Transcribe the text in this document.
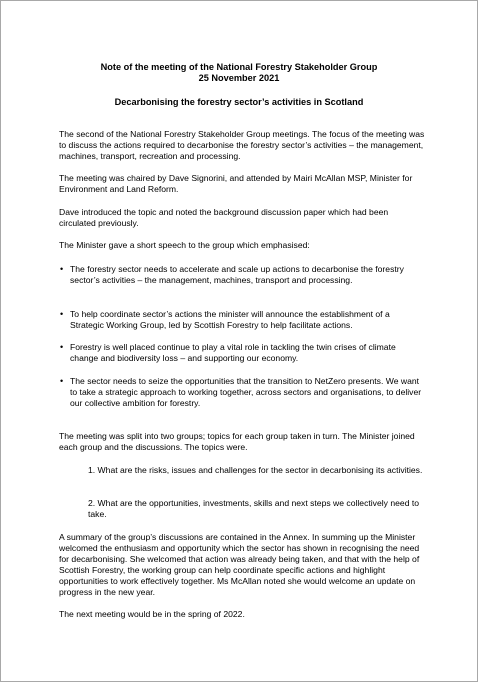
Note of the meeting of the National Forestry Stakeholder Group
25 November 2021
Decarbonising the forestry sector’s activities in Scotland
The second of the National Forestry Stakeholder Group meetings. The focus of the meeting was to discuss the actions required to decarbonise the forestry sector’s activities – the management, machines, transport, recreation and processing.
The meeting was chaired by Dave Signorini, and attended by Mairi McAllan MSP, Minister for Environment and Land Reform.
Dave introduced the topic and noted the background discussion paper which had been circulated previously.
The Minister gave a short speech to the group which emphasised:
• The forestry sector needs to accelerate and scale up actions to decarbonise the forestry sector’s activities – the management, machines, transport and processing.
• To help coordinate sector’s actions the minister will announce the establishment of a Strategic Working Group, led by Scottish Forestry to help facilitate actions.
• Forestry is well placed continue to play a vital role in tackling the twin crises of climate change and biodiversity loss – and supporting our economy.
• The sector needs to seize the opportunities that the transition to NetZero presents. We want to take a strategic approach to working together, across sectors and organisations, to deliver our collective ambition for forestry.
The meeting was split into two groups; topics for each group taken in turn. The Minister joined each group and the discussions. The topics were.
1. What are the risks, issues and challenges for the sector in decarbonising its activities.
2. What are the opportunities, investments, skills and next steps we collectively need to take.
A summary of the group’s discussions are contained in the Annex. In summing up the Minister welcomed the enthusiasm and opportunity which the sector has shown in recognising the need for decarbonising. She welcomed that action was already being taken, and that with the help of Scottish Forestry, the working group can help coordinate specific actions and highlight opportunities to work effectively together. Ms McAllan noted she would welcome an update on progress in the new year.
The next meeting would be in the spring of 2022.
